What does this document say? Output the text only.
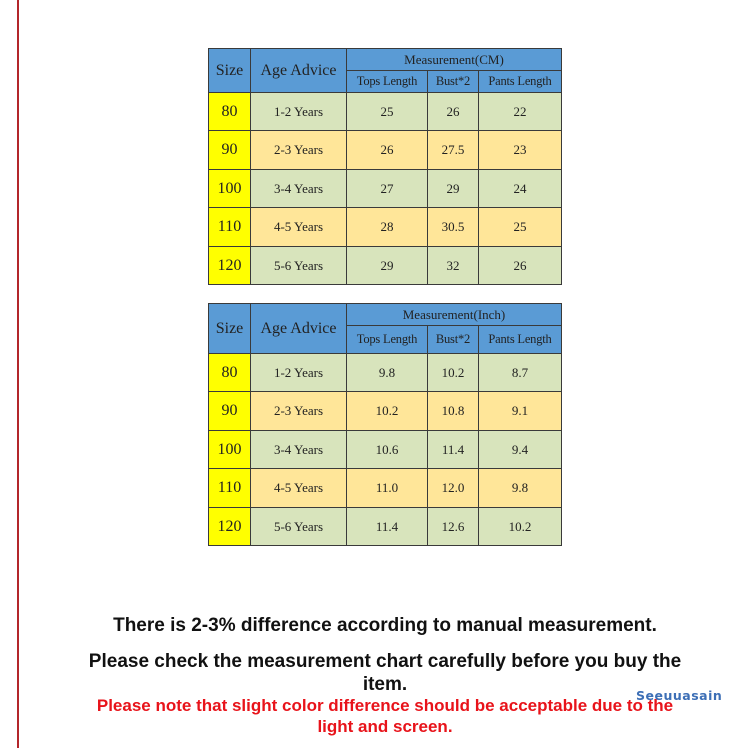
Size	Age Advice	Measurement(CM)		
		Tops Length	Bust*2	Pants Length
80	1-2 Years	25	26	22
90	2-3 Years	26	27.5	23
100	3-4 Years	27	29	24
110	4-5 Years	28	30.5	25
120	5-6 Years	29	32	26
Size	Age Advice	Measurement(Inch)		
		Tops Length	Bust*2	Pants Length
80	1-2 Years	9.8	10.2	8.7
90	2-3 Years	10.2	10.8	9.1
100	3-4 Years	10.6	11.4	9.4
110	4-5 Years	11.0	12.0	9.8
120	5-6 Years	11.4	12.6	10.2

There is 2-3% difference according to manual measurement.

Please check the measurement chart carefully before you buy the item.

Please note that slight color difference should be acceptable due to the light and screen.

Seeuuasain
